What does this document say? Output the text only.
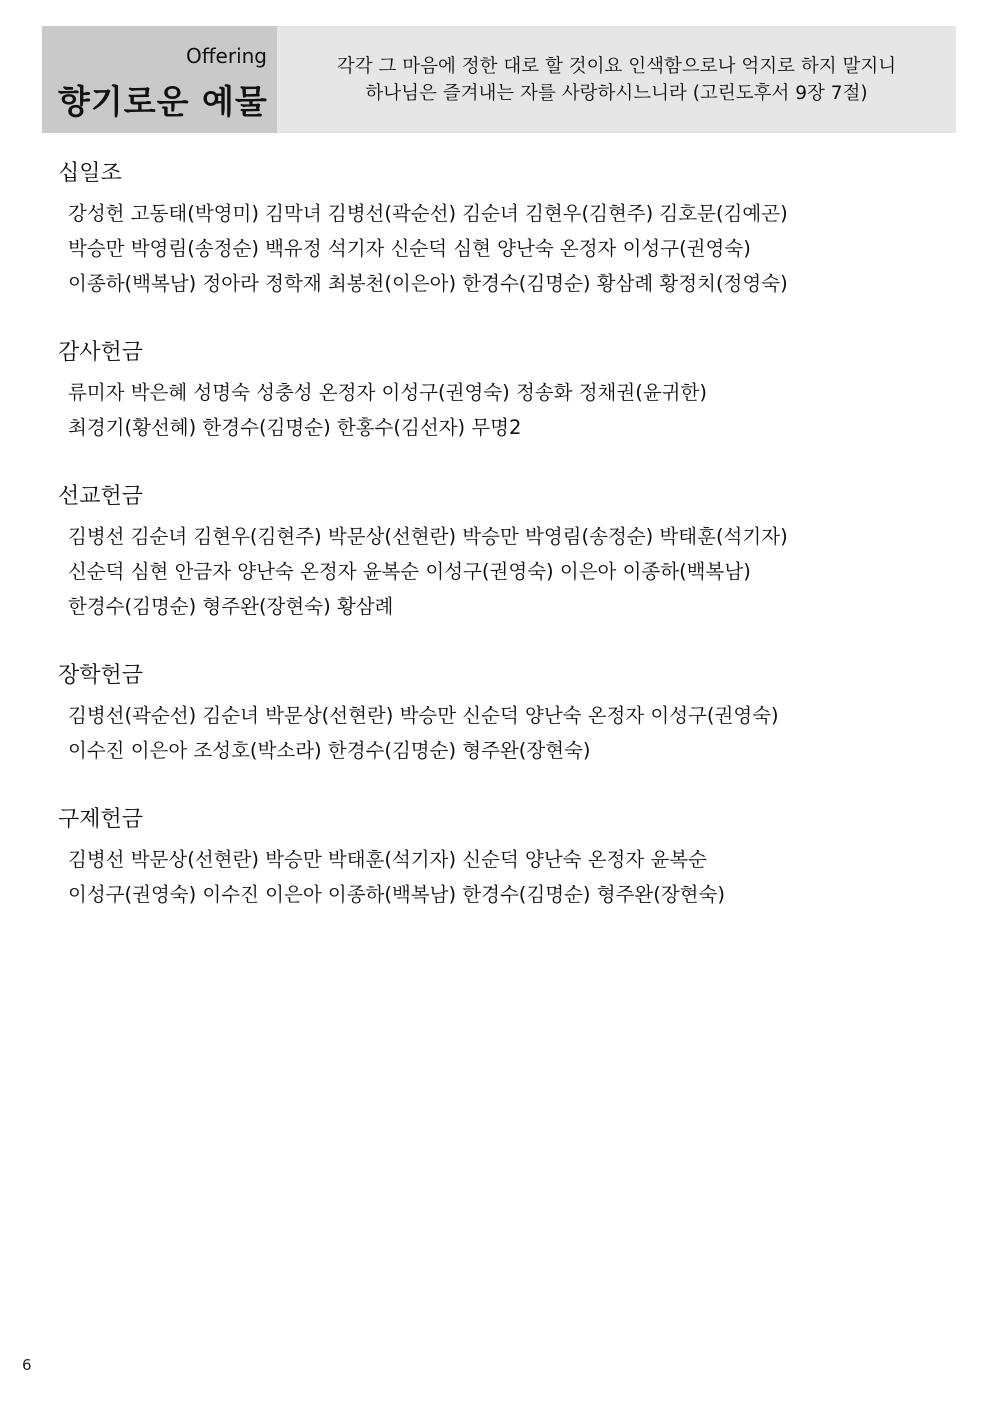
Offering
향기로운 예물
각각 그 마음에 정한 대로 할 것이요 인색함으로나 억지로 하지 말지니
하나님은 즐겨내는 자를 사랑하시느니라 (고린도후서 9장 7절)
십일조
강성헌 고동태(박영미) 김막녀 김병선(곽순선) 김순녀 김현우(김현주) 김호문(김예곤)
박승만 박영림(송정순) 백유정 석기자 신순덕 심현 양난숙 온정자 이성구(권영숙)
이종하(백복남) 정아라 정학재 최봉천(이은아) 한경수(김명순) 황삼례 황정치(정영숙)
감사헌금
류미자 박은혜 성명숙 성충성 온정자 이성구(권영숙) 정송화 정채권(윤귀한)
최경기(황선혜) 한경수(김명순) 한홍수(김선자) 무명2
선교헌금
김병선 김순녀 김현우(김현주) 박문상(선현란) 박승만 박영림(송정순) 박태훈(석기자)
신순덕 심현 안금자 양난숙 온정자 윤복순 이성구(권영숙) 이은아 이종하(백복남)
한경수(김명순) 형주완(장현숙) 황삼례
장학헌금
김병선(곽순선) 김순녀 박문상(선현란) 박승만 신순덕 양난숙 온정자 이성구(권영숙)
이수진 이은아 조성호(박소라) 한경수(김명순) 형주완(장현숙)
구제헌금
김병선 박문상(선현란) 박승만 박태훈(석기자) 신순덕 양난숙 온정자 윤복순
이성구(권영숙) 이수진 이은아 이종하(백복남) 한경수(김명순) 형주완(장현숙)
6
